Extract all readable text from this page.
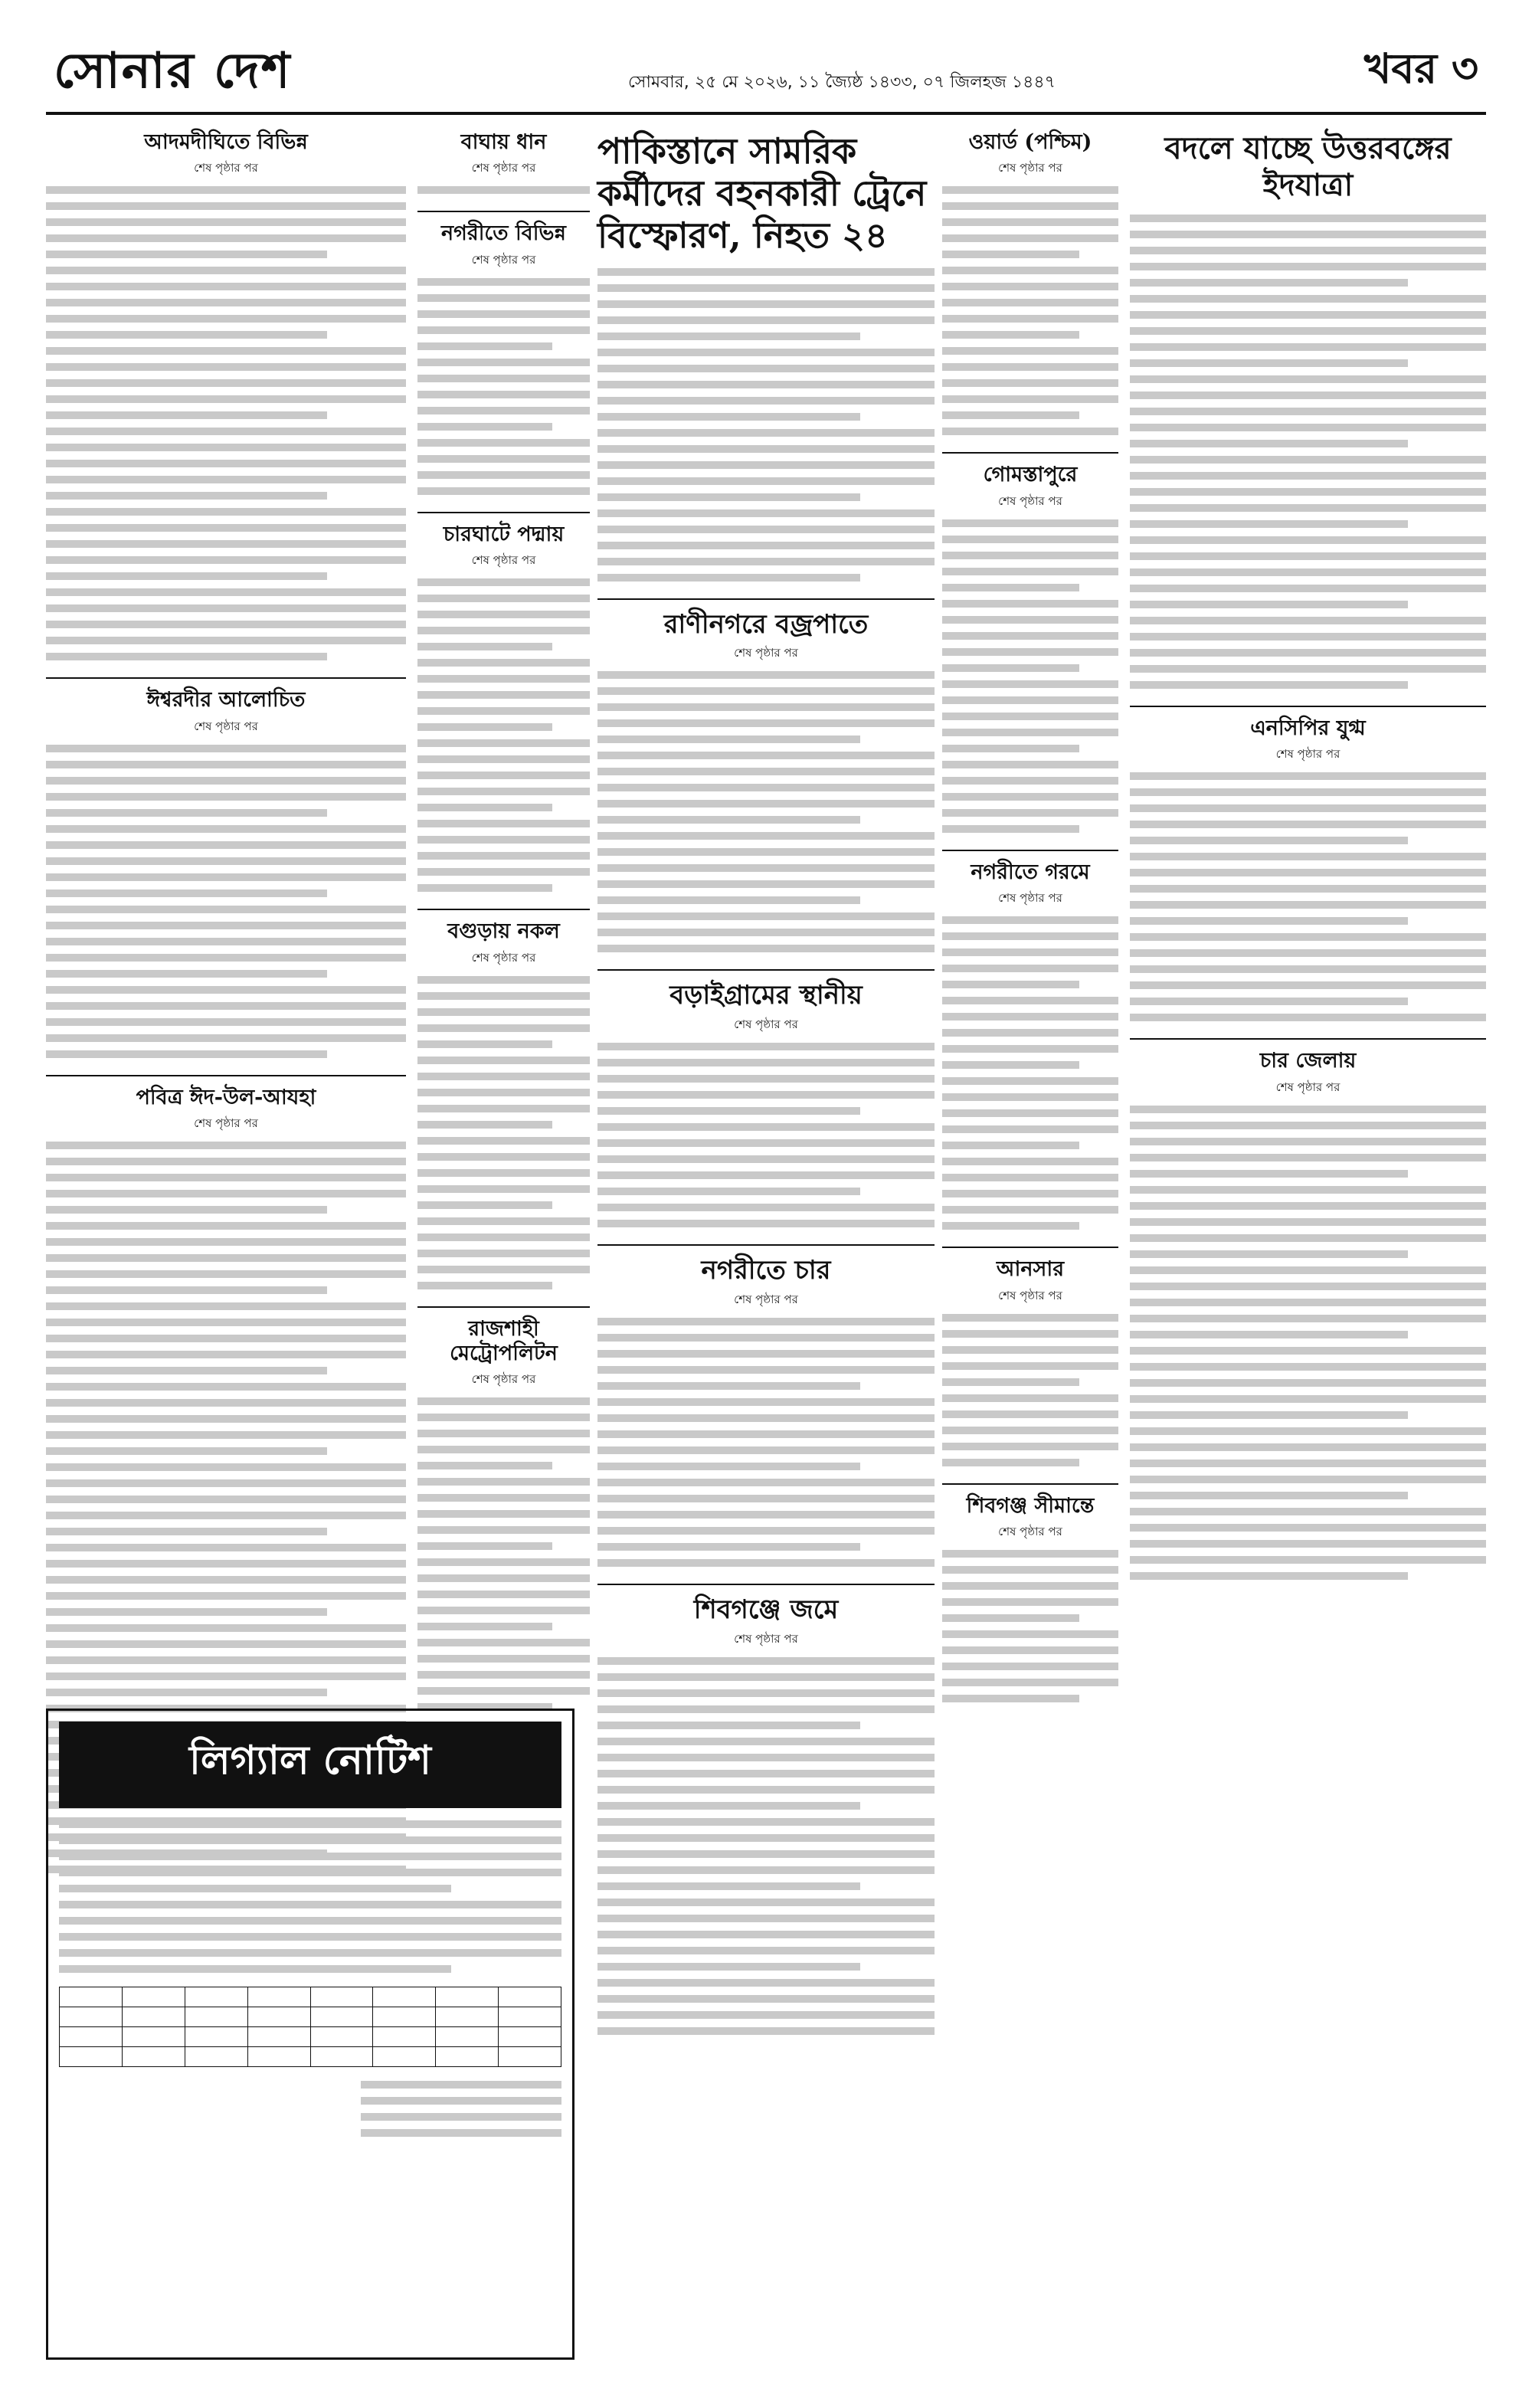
সোনার দেশ	সোমবার, ২৫ মে ২০২৬, ১১ জ্যৈষ্ঠ ১৪৩৩, ০৭ জিলহজ ১৪৪৭	খবর ৩
আদমদীঘিতে বিভিন্ন
শেষ পৃষ্ঠার পর
ঈশ্বরদীর আলোচিত
শেষ পৃষ্ঠার পর
পবিত্র ঈদ-উল-আযহা
শেষ পৃষ্ঠার পর
বাঘায় ধান
শেষ পৃষ্ঠার পর
নগরীতে বিভিন্ন
শেষ পৃষ্ঠার পর
চারঘাটে পদ্মায়
শেষ পৃষ্ঠার পর
বগুড়ায় নকল
শেষ পৃষ্ঠার পর
রাজশাহী মেট্রোপলিটন
শেষ পৃষ্ঠার পর
পাকিস্তানে সামরিক কর্মীদের বহনকারী ট্রেনে বিস্ফোরণ, নিহত ২৪
রাণীনগরে বজ্রপাতে
শেষ পৃষ্ঠার পর
বড়াইগ্রামের স্থানীয়
শেষ পৃষ্ঠার পর
নগরীতে চার
শেষ পৃষ্ঠার পর
শিবগঞ্জে জমে
শেষ পৃষ্ঠার পর
ওয়ার্ড (পশ্চিম)
শেষ পৃষ্ঠার পর
গোমস্তাপুরে
শেষ পৃষ্ঠার পর
নগরীতে গরমে
শেষ পৃষ্ঠার পর
আনসার
শেষ পৃষ্ঠার পর
শিবগঞ্জ সীমান্তে
শেষ পৃষ্ঠার পর
বদলে যাচ্ছে উত্তরবঙ্গের ইদযাত্রা
এনসিপির যুগ্ম
শেষ পৃষ্ঠার পর
চার জেলায়
শেষ পৃষ্ঠার পর
লিগ্যাল নোটিশ
